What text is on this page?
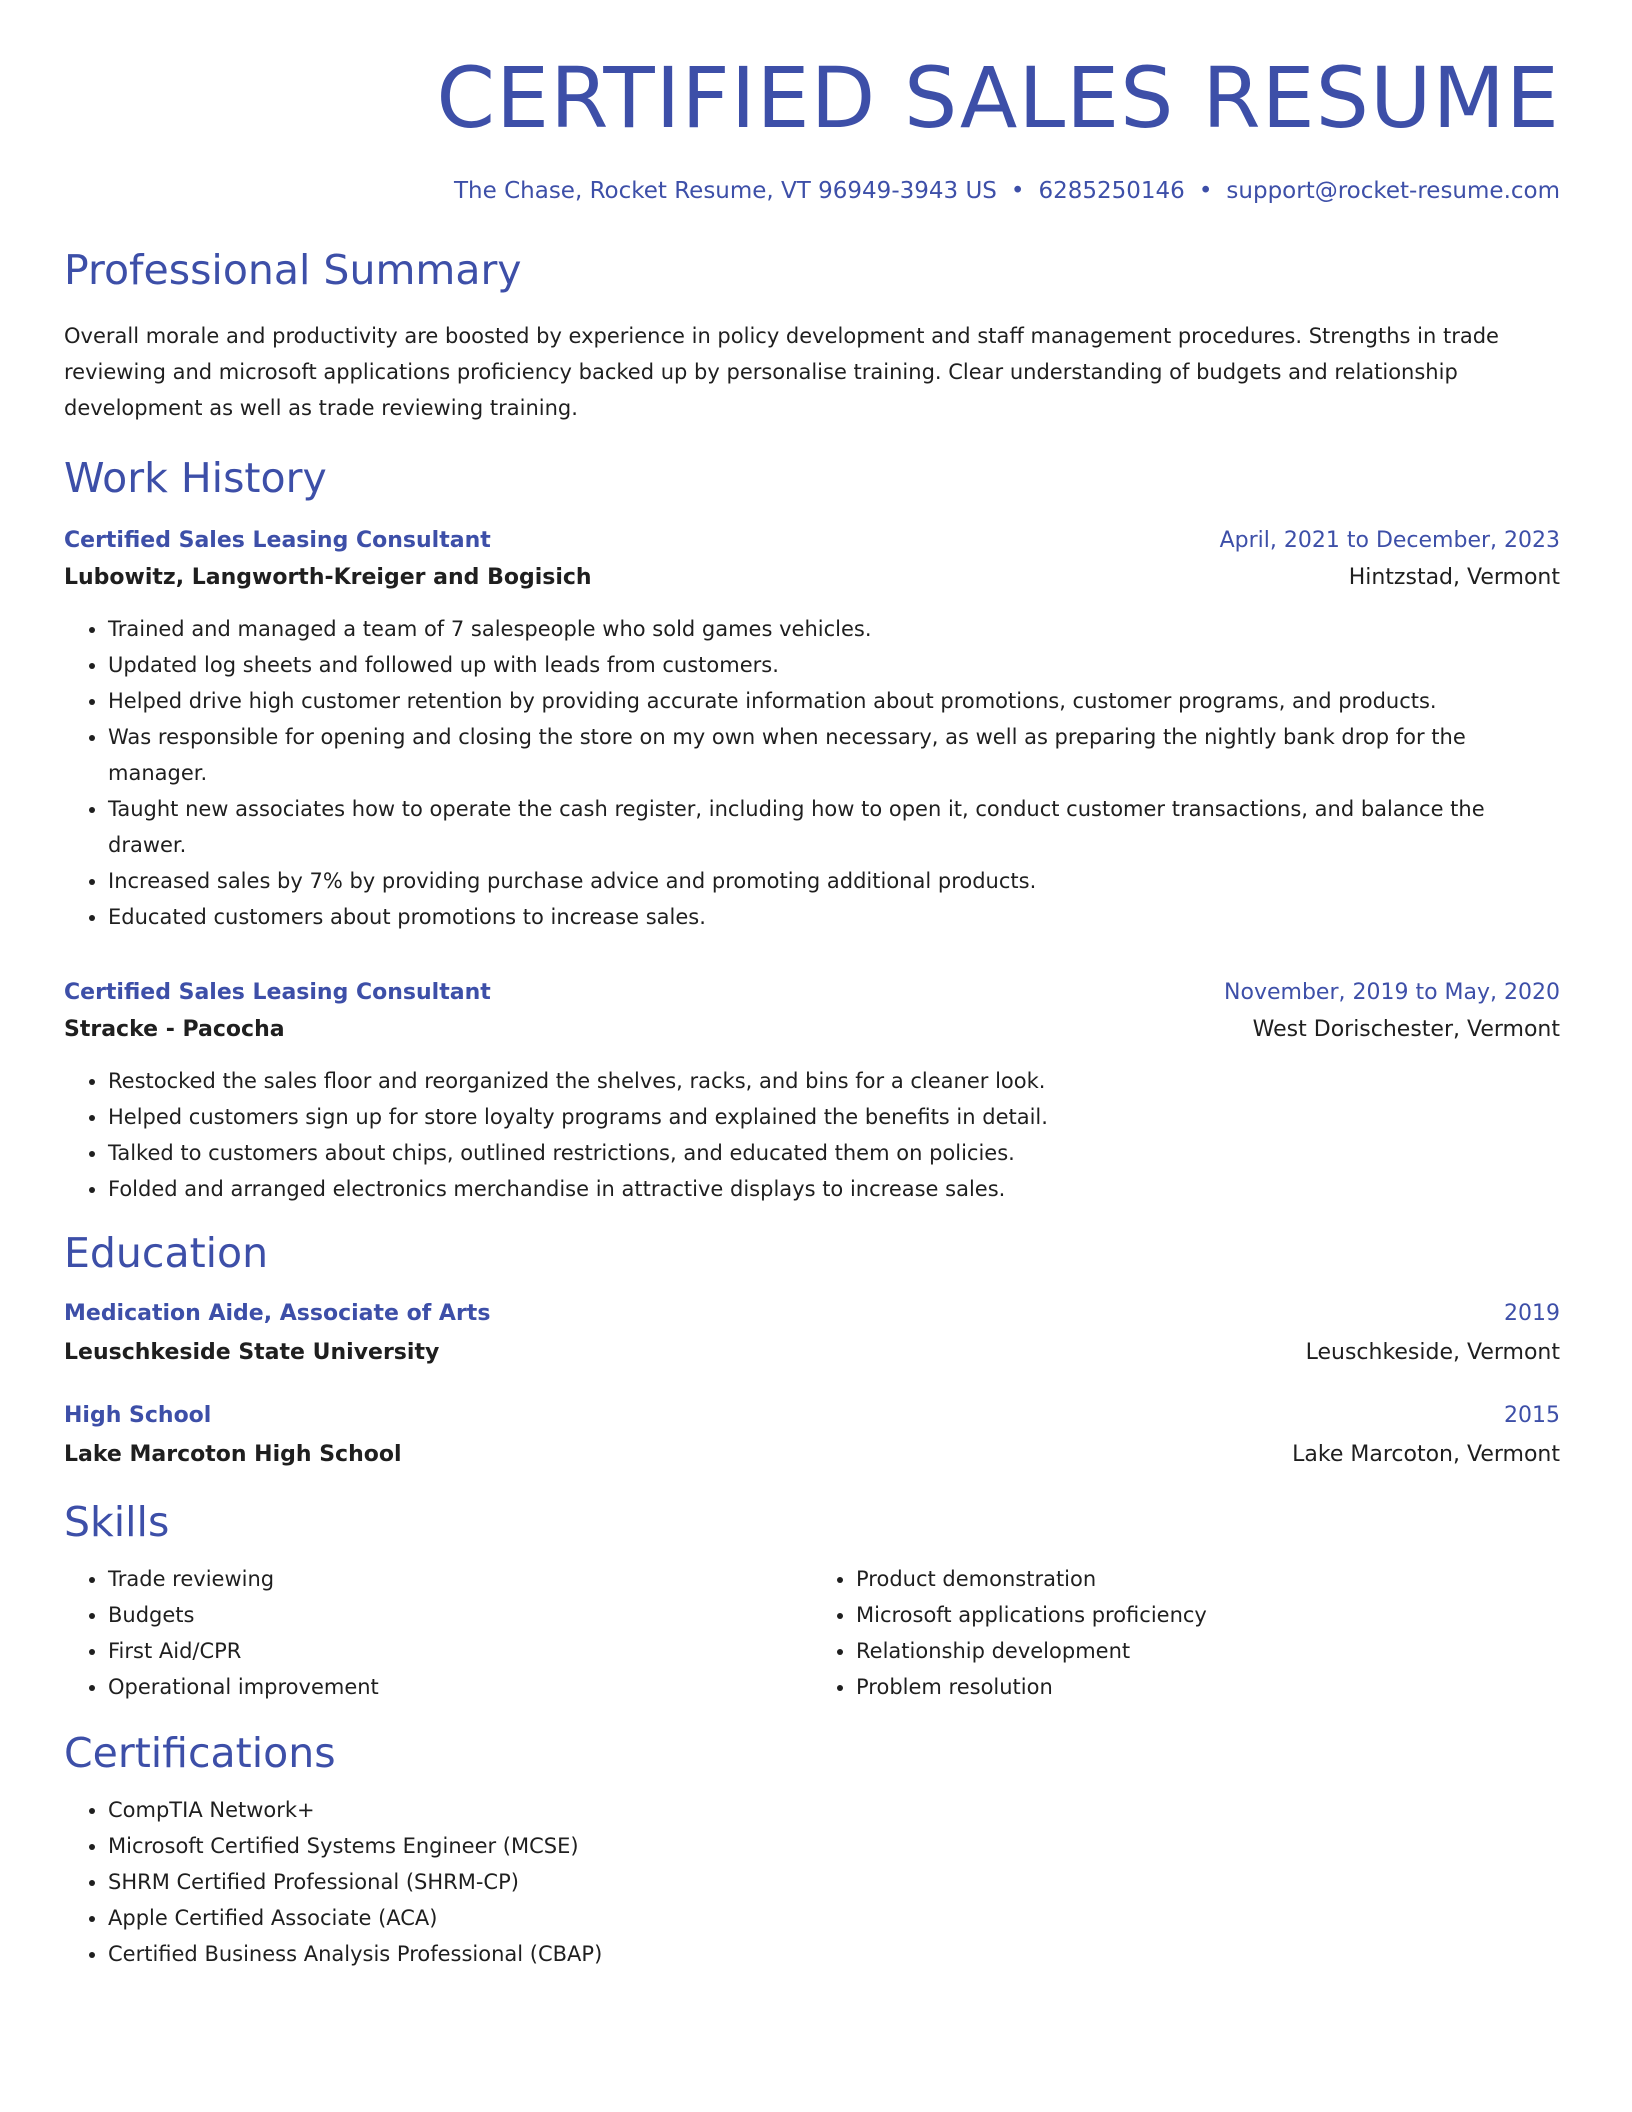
CERTIFIED SALES RESUME
The Chase, Rocket Resume, VT 96949-3943 US • 6285250146 • support@rocket-resume.com
Professional Summary

Overall morale and productivity are boosted by experience in policy development and staff management procedures. Strengths in trade reviewing and microsoft applications proficiency backed up by personalise training. Clear understanding of budgets and relationship development as well as trade reviewing training.

Work History
Certified Sales Leasing Consultant	April, 2021 to December, 2023
Lubowitz, Langworth-Kreiger and Bogisich	Hintzstad, Vermont
• Trained and managed a team of 7 salespeople who sold games vehicles.
• Updated log sheets and followed up with leads from customers.
• Helped drive high customer retention by providing accurate information about promotions, customer programs, and products.
• Was responsible for opening and closing the store on my own when necessary, as well as preparing the nightly bank drop for the manager.
• Taught new associates how to operate the cash register, including how to open it, conduct customer transactions, and balance the drawer.
• Increased sales by 7% by providing purchase advice and promoting additional products.
• Educated customers about promotions to increase sales.
Certified Sales Leasing Consultant	November, 2019 to May, 2020
Stracke - Pacocha	West Dorischester, Vermont
• Restocked the sales floor and reorganized the shelves, racks, and bins for a cleaner look.
• Helped customers sign up for store loyalty programs and explained the benefits in detail.
• Talked to customers about chips, outlined restrictions, and educated them on policies.
• Folded and arranged electronics merchandise in attractive displays to increase sales.
Education
Medication Aide, Associate of Arts	2019
Leuschkeside State University	Leuschkeside, Vermont
High School	2015
Lake Marcoton High School	Lake Marcoton, Vermont
Skills
• Trade reviewing
• Budgets
• First Aid/CPR
• Operational improvement
• Product demonstration
• Microsoft applications proficiency
• Relationship development
• Problem resolution
Certifications
• CompTIA Network+
• Microsoft Certified Systems Engineer (MCSE)
• SHRM Certified Professional (SHRM-CP)
• Apple Certified Associate (ACA)
• Certified Business Analysis Professional (CBAP)
